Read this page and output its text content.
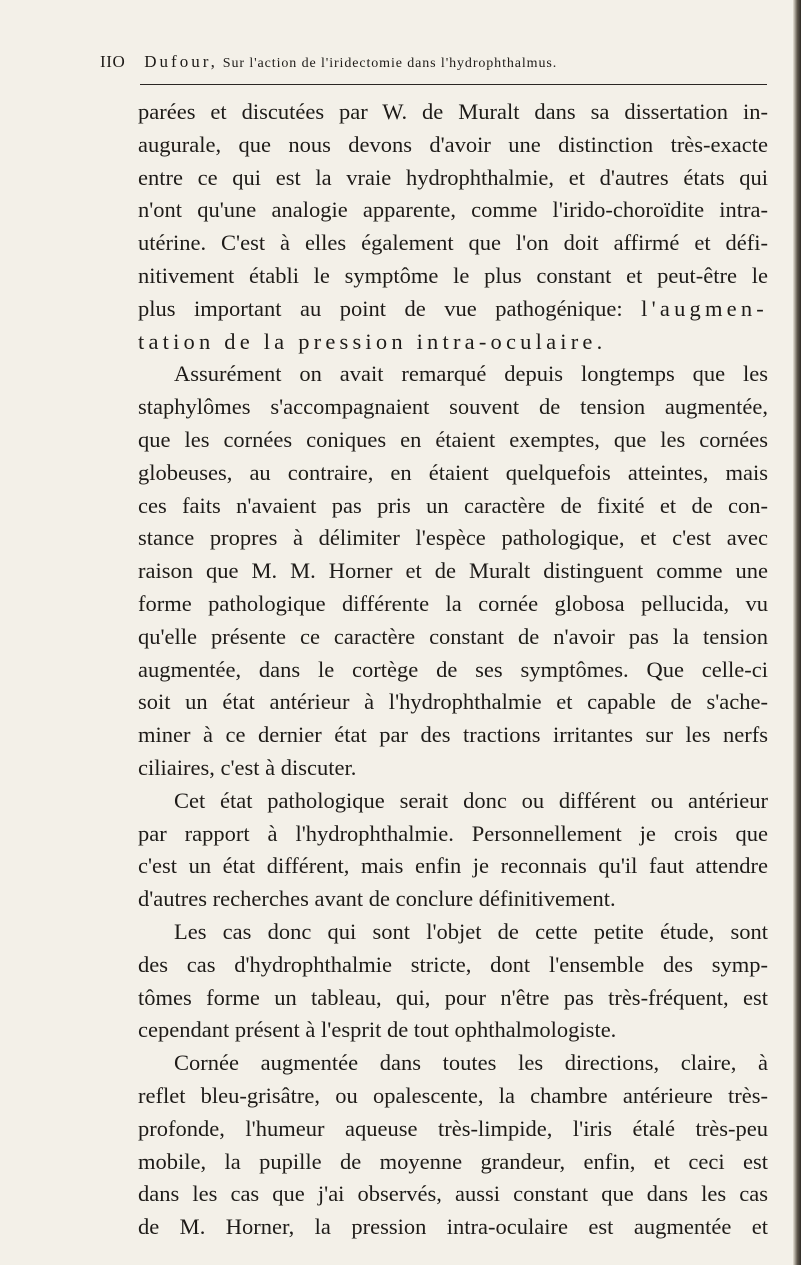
IIO Dufour, Sur l'action de l'iridectomie dans l'hydrophthalmus.
parées et discutées par W. de Muralt dans sa dissertation in-
augurale, que nous devons d'avoir une distinction très-exacte
entre ce qui est la vraie hydrophthalmie, et d'autres états qui
n'ont qu'une analogie apparente, comme l'irido-choroïdite intra-
utérine. C'est à elles également que l'on doit affirmé et défi-
nitivement établi le symptôme le plus constant et peut-être le
plus important au point de vue pathogénique: l'augmen-
tation de la pression intra-oculaire.
Assurément on avait remarqué depuis longtemps que les
staphylômes s'accompagnaient souvent de tension augmentée,
que les cornées coniques en étaient exemptes, que les cornées
globeuses, au contraire, en étaient quelquefois atteintes, mais
ces faits n'avaient pas pris un caractère de fixité et de con-
stance propres à délimiter l'espèce pathologique, et c'est avec
raison que M. M. Horner et de Muralt distinguent comme une
forme pathologique différente la cornée globosa pellucida, vu
qu'elle présente ce caractère constant de n'avoir pas la tension
augmentée, dans le cortège de ses symptômes. Que celle-ci
soit un état antérieur à l'hydrophthalmie et capable de s'ache-
miner à ce dernier état par des tractions irritantes sur les nerfs
ciliaires, c'est à discuter.
Cet état pathologique serait donc ou différent ou antérieur
par rapport à l'hydrophthalmie. Personnellement je crois que
c'est un état différent, mais enfin je reconnais qu'il faut attendre
d'autres recherches avant de conclure définitivement.
Les cas donc qui sont l'objet de cette petite étude, sont
des cas d'hydrophthalmie stricte, dont l'ensemble des symp-
tômes forme un tableau, qui, pour n'être pas très-fréquent, est
cependant présent à l'esprit de tout ophthalmologiste.
Cornée augmentée dans toutes les directions, claire, à
reflet bleu-grisâtre, ou opalescente, la chambre antérieure très-
profonde, l'humeur aqueuse très-limpide, l'iris étalé très-peu
mobile, la pupille de moyenne grandeur, enfin, et ceci est
dans les cas que j'ai observés, aussi constant que dans les cas
de M. Horner, la pression intra-oculaire est augmentée et
